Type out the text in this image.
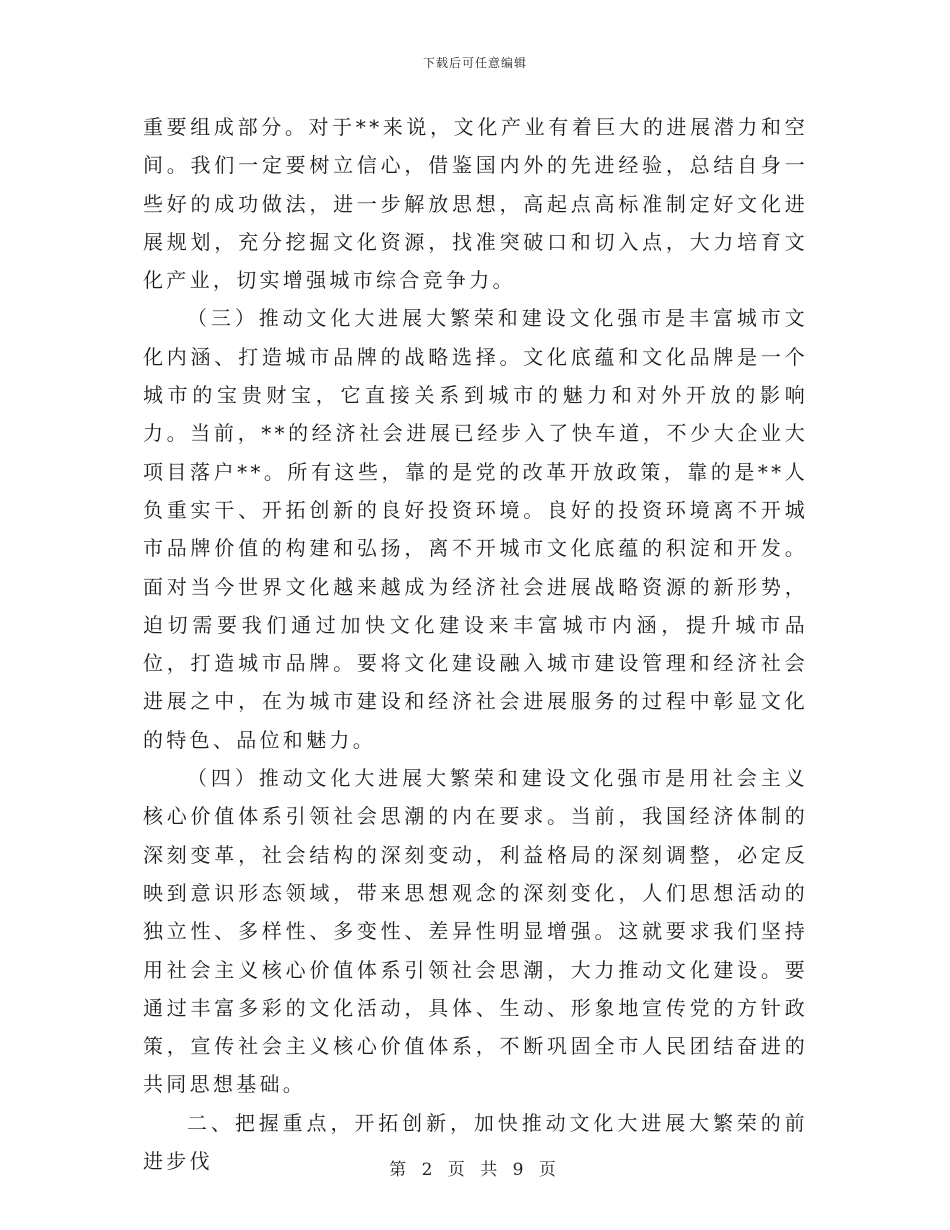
下载后可任意编辑

重要组成部分。对于**来说，文化产业有着巨大的进展潜力和空间。我们一定要树立信心，借鉴国内外的先进经验，总结自身一些好的成功做法，进一步解放思想，高起点高标准制定好文化进展规划，充分挖掘文化资源，找准突破口和切入点，大力培育文化产业，切实增强城市综合竞争力。

（三）推动文化大进展大繁荣和建设文化强市是丰富城市文化内涵、打造城市品牌的战略选择。文化底蕴和文化品牌是一个城市的宝贵财宝，它直接关系到城市的魅力和对外开放的影响力。当前，**的经济社会进展已经步入了快车道，不少大企业大项目落户**。所有这些，靠的是党的改革开放政策，靠的是**人负重实干、开拓创新的良好投资环境。良好的投资环境离不开城市品牌价值的构建和弘扬，离不开城市文化底蕴的积淀和开发。面对当今世界文化越来越成为经济社会进展战略资源的新形势，迫切需要我们通过加快文化建设来丰富城市内涵，提升城市品位，打造城市品牌。要将文化建设融入城市建设管理和经济社会进展之中，在为城市建设和经济社会进展服务的过程中彰显文化的特色、品位和魅力。

（四）推动文化大进展大繁荣和建设文化强市是用社会主义核心价值体系引领社会思潮的内在要求。当前，我国经济体制的深刻变革，社会结构的深刻变动，利益格局的深刻调整，必定反映到意识形态领域，带来思想观念的深刻变化，人们思想活动的独立性、多样性、多变性、差异性明显增强。这就要求我们坚持用社会主义核心价值体系引领社会思潮，大力推动文化建设。要通过丰富多彩的文化活动，具体、生动、形象地宣传党的方针政策，宣传社会主义核心价值体系，不断巩固全市人民团结奋进的共同思想基础。

二、把握重点，开拓创新，加快推动文化大进展大繁荣的前进步伐	第 2 页 共 9 页
